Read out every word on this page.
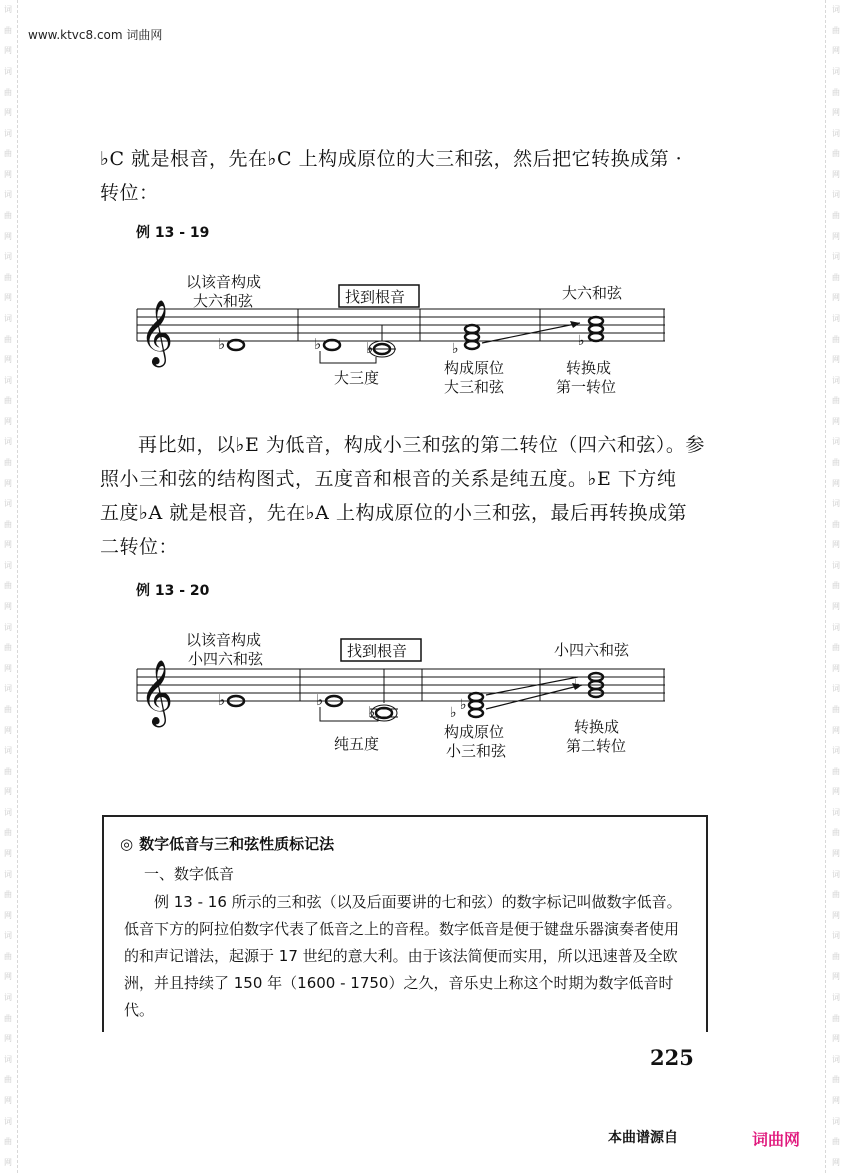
词
曲
网
词
曲
网
词
曲
网
词
曲
网
词
曲
网
词
曲
网
词
曲
网
词
曲
网
词
曲
网
词
曲
网
词
曲
网
词
曲
网
词
曲
网
词
曲
网
词
曲
网
词
曲
网
词
曲
网
词
曲
网
词
曲
网
词
曲
网
词
曲
网
词
曲
网
词
曲
网
词
曲
网
词
曲
网
词
曲
网
词
曲
网
词
曲
网
词
曲
网
词
曲
网
词
曲
网
词
曲
网
词
曲
网
词
曲
网
词
曲
网
词
曲
网
词
曲
网
词
曲
网
www.ktvc8.com 词曲网

♭C 就是根音，先在♭C 上构成原位的大三和弦，然后把它转换成第 ·

转位：

例 13 - 19
𝄞	♭	♭	♭	♭	♭
以该音构成
大六和弦	找到根音	大六和弦
大三度
构成原位
大三和弦
转换成
第一转位

再比如，以♭E 为低音，构成小三和弦的第二转位（四六和弦）。参

照小三和弦的结构图式，五度音和根音的关系是纯五度。♭E 下方纯

五度♭A 就是根音，先在♭A 上构成原位的小三和弦，最后再转换成第

二转位：

例 13 - 20
𝄞	♭	♭
♭	♭ ♭
以该音构成
小四六和弦	找到根音	小四六和弦
纯五度
构成原位
小三和弦
转换成
第二转位
◎ 数字低音与三和弦性质标记法
一、数字低音
例 13 - 16 所示的三和弦（以及后面要讲的七和弦）的数字标记叫做数字低音。低音下方的阿拉伯数字代表了低音之上的音程。数字低音是便于键盘乐器演奏者使用的和声记谱法，起源于 17 世纪的意大利。由于该法简便而实用，所以迅速普及全欧洲，并且持续了 150 年（1600 - 1750）之久，音乐史上称这个时期为数字低音时代。
225
本曲谱源自	词曲网
